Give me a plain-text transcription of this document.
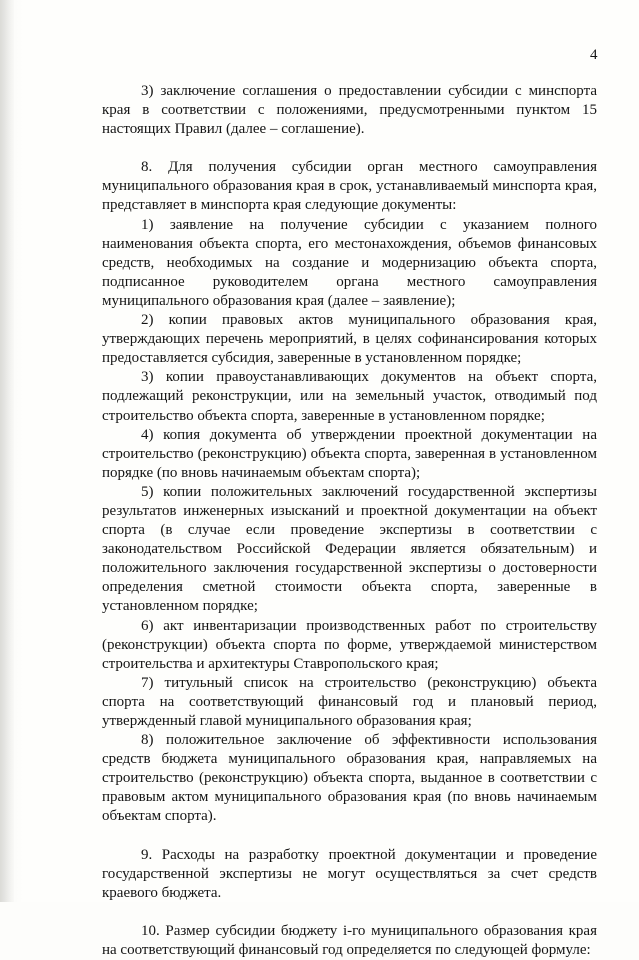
4
3) заключение соглашения о предоставлении субсидии с минспорта края в соответствии с положениями, предусмотренными пунктом 15 настоящих Правил (далее – соглашение).
8. Для получения субсидии орган местного самоуправления муниципального образования края в срок, устанавливаемый минспорта края, представляет в минспорта края следующие документы:
1) заявление на получение субсидии с указанием полного наименования объекта спорта, его местонахождения, объемов финансовых средств, необходимых на создание и модернизацию объекта спорта, подписанное руководителем органа местного самоуправления муниципального образования края (далее – заявление);
2) копии правовых актов муниципального образования края, утверждающих перечень мероприятий, в целях софинансирования которых предоставляется субсидия, заверенные в установленном порядке;
3) копии правоустанавливающих документов на объект спорта, подлежащий реконструкции, или на земельный участок, отводимый под строительство объекта спорта, заверенные в установленном порядке;
4) копия документа об утверждении проектной документации на строительство (реконструкцию) объекта спорта, заверенная в установленном порядке (по вновь начинаемым объектам спорта);
5) копии положительных заключений государственной экспертизы результатов инженерных изысканий и проектной документации на объект спорта (в случае если проведение экспертизы в соответствии с законодательством Российской Федерации является обязательным) и положительного заключения государственной экспертизы о достоверности определения сметной стоимости объекта спорта, заверенные в установленном порядке;
6) акт инвентаризации производственных работ по строительству (реконструкции) объекта спорта по форме, утверждаемой министерством строительства и архитектуры Ставропольского края;
7) титульный список на строительство (реконструкцию) объекта спорта на соответствующий финансовый год и плановый период, утвержденный главой муниципального образования края;
8) положительное заключение об эффективности использования средств бюджета муниципального образования края, направляемых на строительство (реконструкцию) объекта спорта, выданное в соответствии с правовым актом муниципального образования края (по вновь начинаемым объектам спорта).
9. Расходы на разработку проектной документации и проведение государственной экспертизы не могут осуществляться за счет средств краевого бюджета.
10. Размер субсидии бюджету i-го муниципального образования края на соответствующий финансовый год определяется по следующей формуле:
